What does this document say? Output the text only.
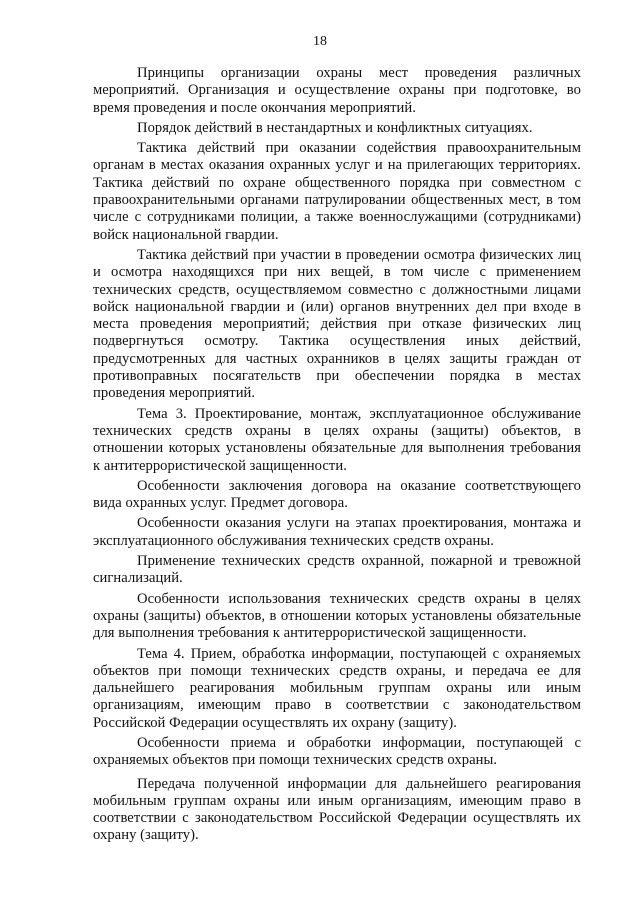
18

Принципы организации охраны мест проведения различных мероприятий. Организация и осуществление охраны при подготовке, во время проведения и после окончания мероприятий.

Порядок действий в нестандартных и конфликтных ситуациях.

Тактика действий при оказании содействия правоохранительным органам в местах оказания охранных услуг и на прилегающих территориях. Тактика действий по охране общественного порядка при совместном с правоохранительными органами патрулировании общественных мест, в том числе с сотрудниками полиции, а также военнослужащими (сотрудниками) войск национальной гвардии.

Тактика действий при участии в проведении осмотра физических лиц и осмотра находящихся при них вещей, в том числе с применением технических средств, осуществляемом совместно с должностными лицами войск национальной гвардии и (или) органов внутренних дел при входе в места проведения мероприятий; действия при отказе физических лиц подвергнуться осмотру. Тактика осуществления иных действий, предусмотренных для частных охранников в целях защиты граждан от противоправных посягательств при обеспечении порядка в местах проведения мероприятий.

Тема 3. Проектирование, монтаж, эксплуатационное обслуживание технических средств охраны в целях охраны (защиты) объектов, в отношении которых установлены обязательные для выполнения требования к антитеррористической защищенности.

Особенности заключения договора на оказание соответствующего вида охранных услуг. Предмет договора.

Особенности оказания услуги на этапах проектирования, монтажа и эксплуатационного обслуживания технических средств охраны.

Применение технических средств охранной, пожарной и тревожной сигнализаций.

Особенности использования технических средств охраны в целях охраны (защиты) объектов, в отношении которых установлены обязательные для выполнения требования к антитеррористической защищенности.

Тема 4. Прием, обработка информации, поступающей с охраняемых объектов при помощи технических средств охраны, и передача ее для дальнейшего реагирования мобильным группам охраны или иным организациям, имеющим право в соответствии с законодательством Российской Федерации осуществлять их охрану (защиту).

Особенности приема и обработки информации, поступающей с охраняемых объектов при помощи технических средств охраны.

Передача полученной информации для дальнейшего реагирования мобильным группам охраны или иным организациям, имеющим право в соответствии с законодательством Российской Федерации осуществлять их охрану (защиту).
